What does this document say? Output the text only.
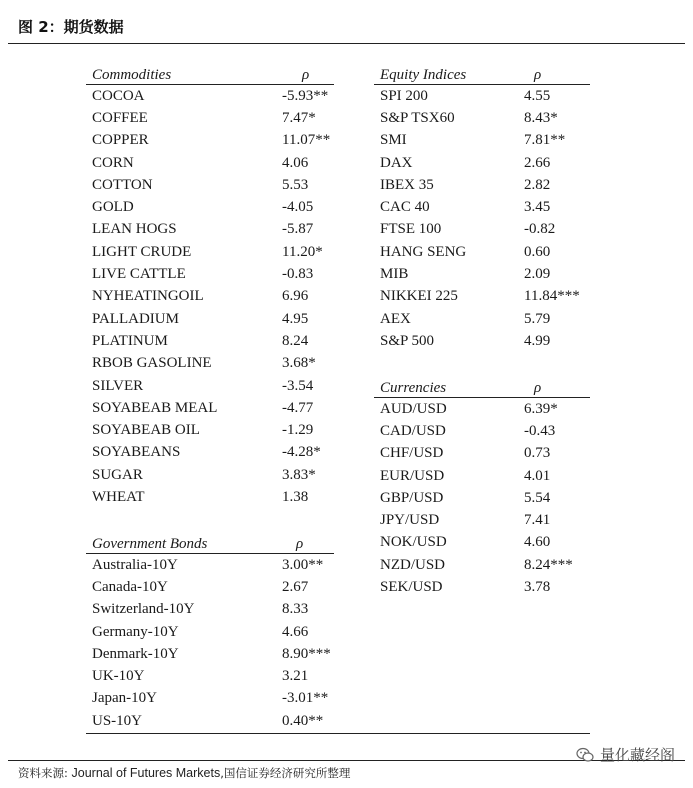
图 2：期货数据
Commodities	ρ
COCOA	-5.93**
COFFEE	7.47*
COPPER	11.07**
CORN	4.06
COTTON	5.53
GOLD	-4.05
LEAN HOGS	-5.87
LIGHT CRUDE	11.20*
LIVE CATTLE	-0.83
NYHEATINGOIL	6.96
PALLADIUM	4.95
PLATINUM	8.24
RBOB GASOLINE	3.68*
SILVER	-3.54
SOYABEAB MEAL	-4.77
SOYABEAB OIL	-1.29
SOYABEANS	-4.28*
SUGAR	3.83*
WHEAT	1.38
Government Bonds	ρ
Australia-10Y	3.00**
Canada-10Y	2.67
Switzerland-10Y	8.33
Germany-10Y	4.66
Denmark-10Y	8.90***
UK-10Y	3.21
Japan-10Y	-3.01**
US-10Y	0.40**
Equity Indices	ρ
SPI 200	4.55
S&P TSX60	8.43*
SMI	7.81**
DAX	2.66
IBEX 35	2.82
CAC 40	3.45
FTSE 100	-0.82
HANG SENG	0.60
MIB	2.09
NIKKEI 225	11.84***
AEX	5.79
S&P 500	4.99
Currencies	ρ
AUD/USD	6.39*
CAD/USD	-0.43
CHF/USD	0.73
EUR/USD	4.01
GBP/USD	5.54
JPY/USD	7.41
NOK/USD	4.60
NZD/USD	8.24***
SEK/USD	3.78
资料来源: Journal of Futures Markets,国信证券经济研究所整理
量化藏经阁
